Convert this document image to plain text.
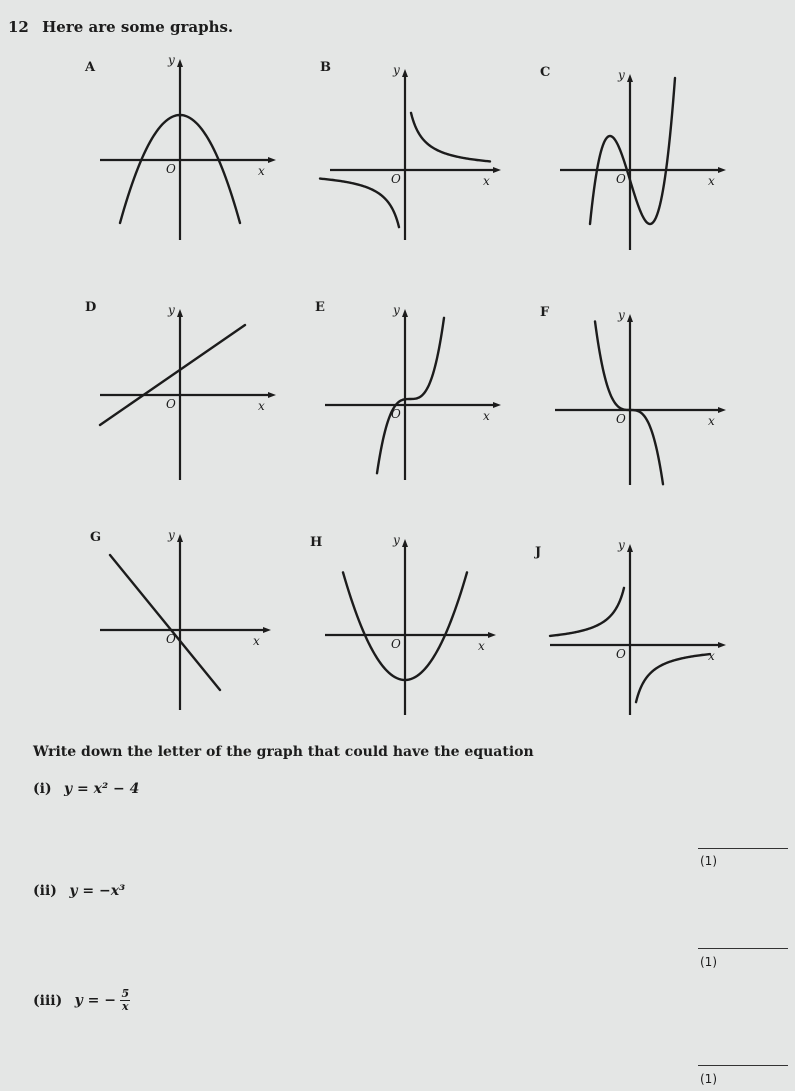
12 Here are some graphs.
A	y
x
O
B	y
x
O
C	y
x
O
D	y
x
O
E	y
x
O
F	y
x
O
G	y
x
O
H	y
x
O
J	y
x
O
Write down the letter of the graph that could have the equation
(i) y = x² − 4
(1)
(ii) y = −x³
(1)
(iii) y = − $\frac{5}{x}$
(1)
